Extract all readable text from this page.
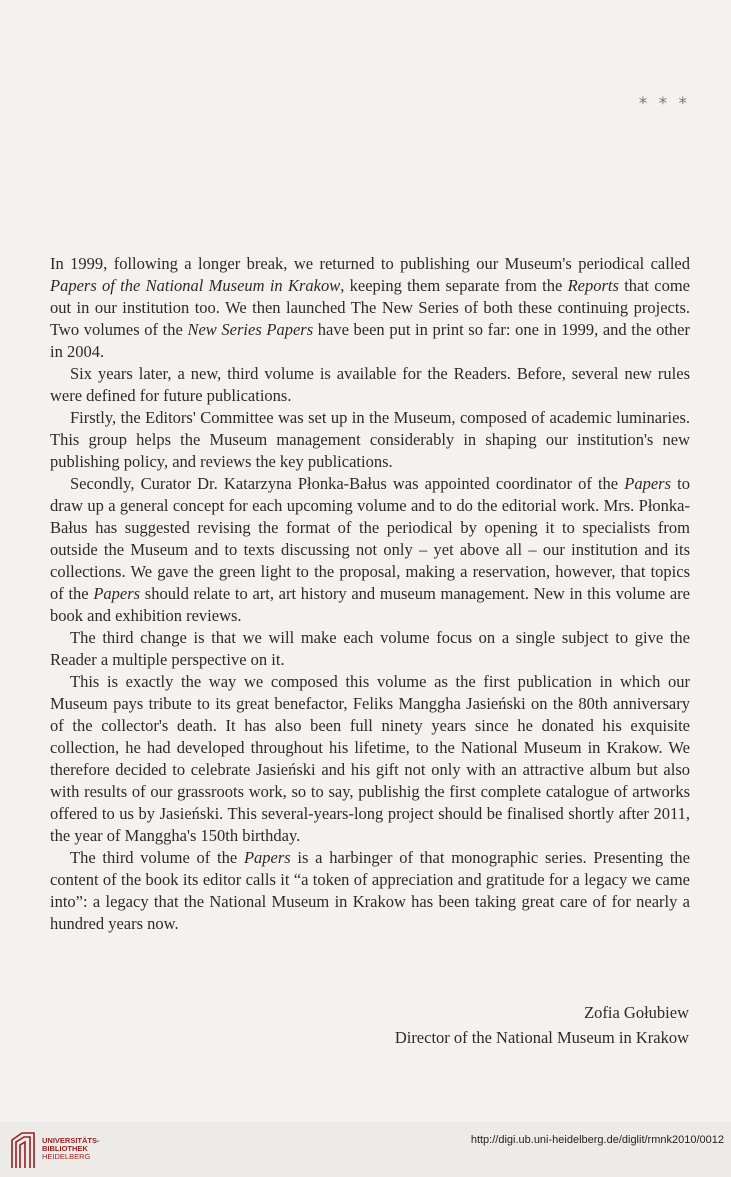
* * *

In 1999, following a longer break, we returned to publishing our Museum's periodical called Papers of the National Museum in Krakow, keeping them separate from the Reports that come out in our institution too. We then launched The New Series of both these continuing projects. Two volumes of the New Series Papers have been put in print so far: one in 1999, and the other in 2004.

Six years later, a new, third volume is available for the Readers. Before, several new rules were defined for future publications.

Firstly, the Editors' Committee was set up in the Museum, composed of academic luminaries. This group helps the Museum management considerably in shaping our institution's new publishing policy, and reviews the key publications.

Secondly, Curator Dr. Katarzyna Płonka-Bałus was appointed coordinator of the Papers to draw up a general concept for each upcoming volume and to do the editorial work. Mrs. Płonka-Bałus has suggested revising the format of the periodical by opening it to specialists from outside the Museum and to texts discussing not only – yet above all – our institution and its collections. We gave the green light to the proposal, making a reservation, however, that topics of the Papers should relate to art, art history and museum management. New in this volume are book and exhibition reviews.

The third change is that we will make each volume focus on a single subject to give the Reader a multiple perspective on it.

This is exactly the way we composed this volume as the first publication in which our Museum pays tribute to its great benefactor, Feliks Manggha Jasieński on the 80th anniversary of the collector's death. It has also been full ninety years since he donated his exquisite collection, he had developed throughout his lifetime, to the National Museum in Krakow. We therefore decided to celebrate Jasieński and his gift not only with an attractive album but also with results of our grassroots work, so to say, publishig the first complete catalogue of artworks offered to us by Jasieński. This several-years-long project should be finalised shortly after 2011, the year of Manggha's 150th birthday.

The third volume of the Papers is a harbinger of that monographic series. Presenting the content of the book its editor calls it “a token of appreciation and gratitude for a legacy we came into”: a legacy that the National Museum in Krakow has been taking great care of for nearly a hundred years now.

Zofia Gołubiew
Director of the National Museum in Krakow
UNIVERSITÄTS-
BIBLIOTHEK
HEIDELBERG
http://digi.ub.uni-heidelberg.de/diglit/rmnk2010/0012
